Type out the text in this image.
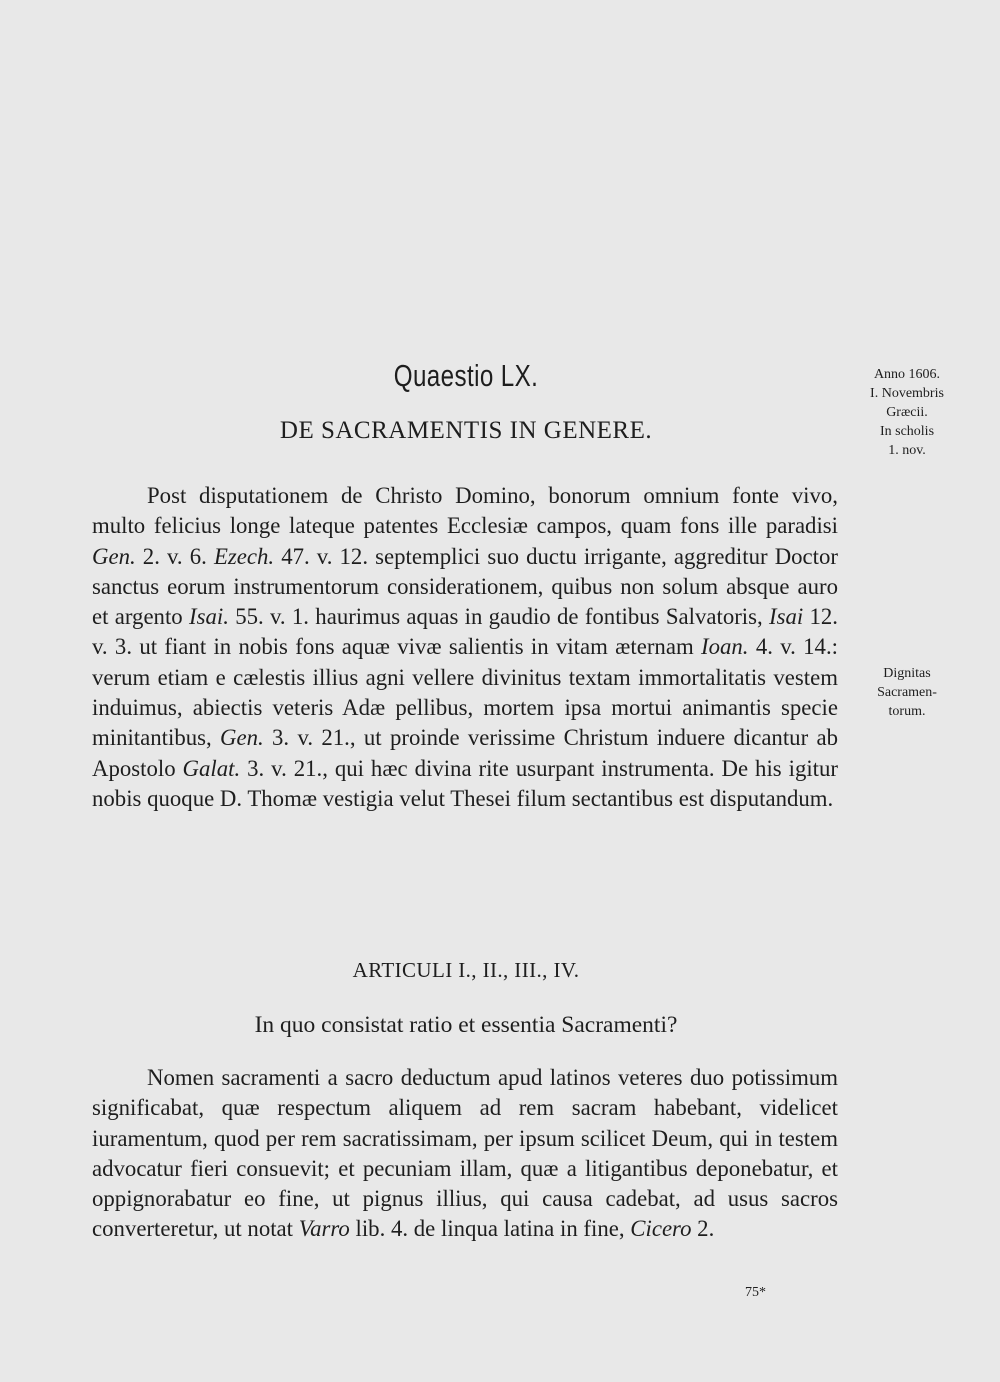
Quaestio LX.
DE SACRAMENTIS IN GENERE.

Post disputationem de Christo Domino, bonorum omnium fonte vivo, multo felicius longe lateque patentes Ecclesiæ campos, quam fons ille paradisi Gen. 2. v. 6. Ezech. 47. v. 12. septemplici suo ductu irrigante, aggreditur Doctor sanctus eorum instrumentorum considerationem, quibus non solum absque auro et argento Isai. 55. v. 1. haurimus aquas in gaudio de fontibus Salvatoris, Isai 12. v. 3. ut fiant in nobis fons aquæ vivæ salientis in vitam æternam Ioan. 4. v. 14.: verum etiam e cælestis illius agni vellere divinitus textam immortalitatis vestem induimus, abiectis veteris Adæ pellibus, mortem ipsa mortui animantis specie minitantibus, Gen. 3. v. 21., ut proinde verissime Christum induere dicantur ab Apostolo Galat. 3. v. 21., qui hæc divina rite usurpant instrumenta. De his igitur nobis quoque D. Thomæ vestigia velut Thesei filum sectantibus est disputandum.

ARTICULI I., II., III., IV.
In quo consistat ratio et essentia Sacramenti?

Nomen sacramenti a sacro deductum apud latinos veteres duo potissimum significabat, quæ respectum aliquem ad rem sacram habebant, videlicet iuramentum, quod per rem sacratissimam, per ipsum scilicet Deum, qui in testem advocatur fieri consuevit; et pecuniam illam, quæ a litigantibus deponebatur, et oppignorabatur eo fine, ut pignus illius, qui causa cadebat, ad usus sacros converteretur, ut notat Varro lib. 4. de linqua latina in fine, Cicero 2.

Anno 1606.
I. Novembris
Græcii.
In scholis
1. nov.
Dignitas
Sacramen-
torum.
75*
